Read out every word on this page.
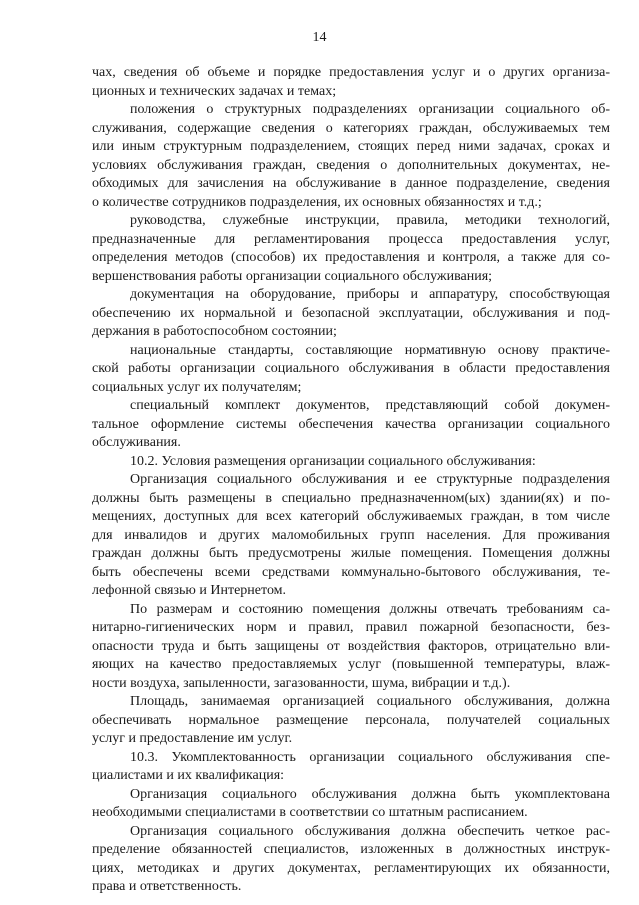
14
чах, сведения об объеме и порядке предоставления услуг и о других организа-
ционных и технических задачах и темах;
положения о структурных подразделениях организации социального об-
служивания, содержащие сведения о категориях граждан, обслуживаемых тем
или иным структурным подразделением, стоящих перед ними задачах, сроках и
условиях обслуживания граждан, сведения о дополнительных документах, не-
обходимых для зачисления на обслуживание в данное подразделение, сведения
о количестве сотрудников подразделения, их основных обязанностях и т.д.;
руководства, служебные инструкции, правила, методики технологий,
предназначенные для регламентирования процесса предоставления услуг,
определения методов (способов) их предоставления и контроля, а также для со-
вершенствования работы организации социального обслуживания;
документация на оборудование, приборы и аппаратуру, способствующая
обеспечению их нормальной и безопасной эксплуатации, обслуживания и под-
держания в работоспособном состоянии;
национальные стандарты, составляющие нормативную основу практиче-
ской работы организации социального обслуживания в области предоставления
социальных услуг их получателям;
специальный комплект документов, представляющий собой докумен-
тальное оформление системы обеспечения качества организации социального
обслуживания.
10.2. Условия размещения организации социального обслуживания:
Организация социального обслуживания и ее структурные подразделения
должны быть размещены в специально предназначенном(ых) здании(ях) и по-
мещениях, доступных для всех категорий обслуживаемых граждан, в том числе
для инвалидов и других маломобильных групп населения. Для проживания
граждан должны быть предусмотрены жилые помещения. Помещения должны
быть обеспечены всеми средствами коммунально-бытового обслуживания, те-
лефонной связью и Интернетом.
По размерам и состоянию помещения должны отвечать требованиям са-
нитарно-гигиенических норм и правил, правил пожарной безопасности, без-
опасности труда и быть защищены от воздействия факторов, отрицательно вли-
яющих на качество предоставляемых услуг (повышенной температуры, влаж-
ности воздуха, запыленности, загазованности, шума, вибрации и т.д.).
Площадь, занимаемая организацией социального обслуживания, должна
обеспечивать нормальное размещение персонала, получателей социальных
услуг и предоставление им услуг.
10.3. Укомплектованность организации социального обслуживания спе-
циалистами и их квалификация:
Организация социального обслуживания должна быть укомплектована
необходимыми специалистами в соответствии со штатным расписанием.
Организация социального обслуживания должна обеспечить четкое рас-
пределение обязанностей специалистов, изложенных в должностных инструк-
циях, методиках и других документах, регламентирующих их обязанности,
права и ответственность.
